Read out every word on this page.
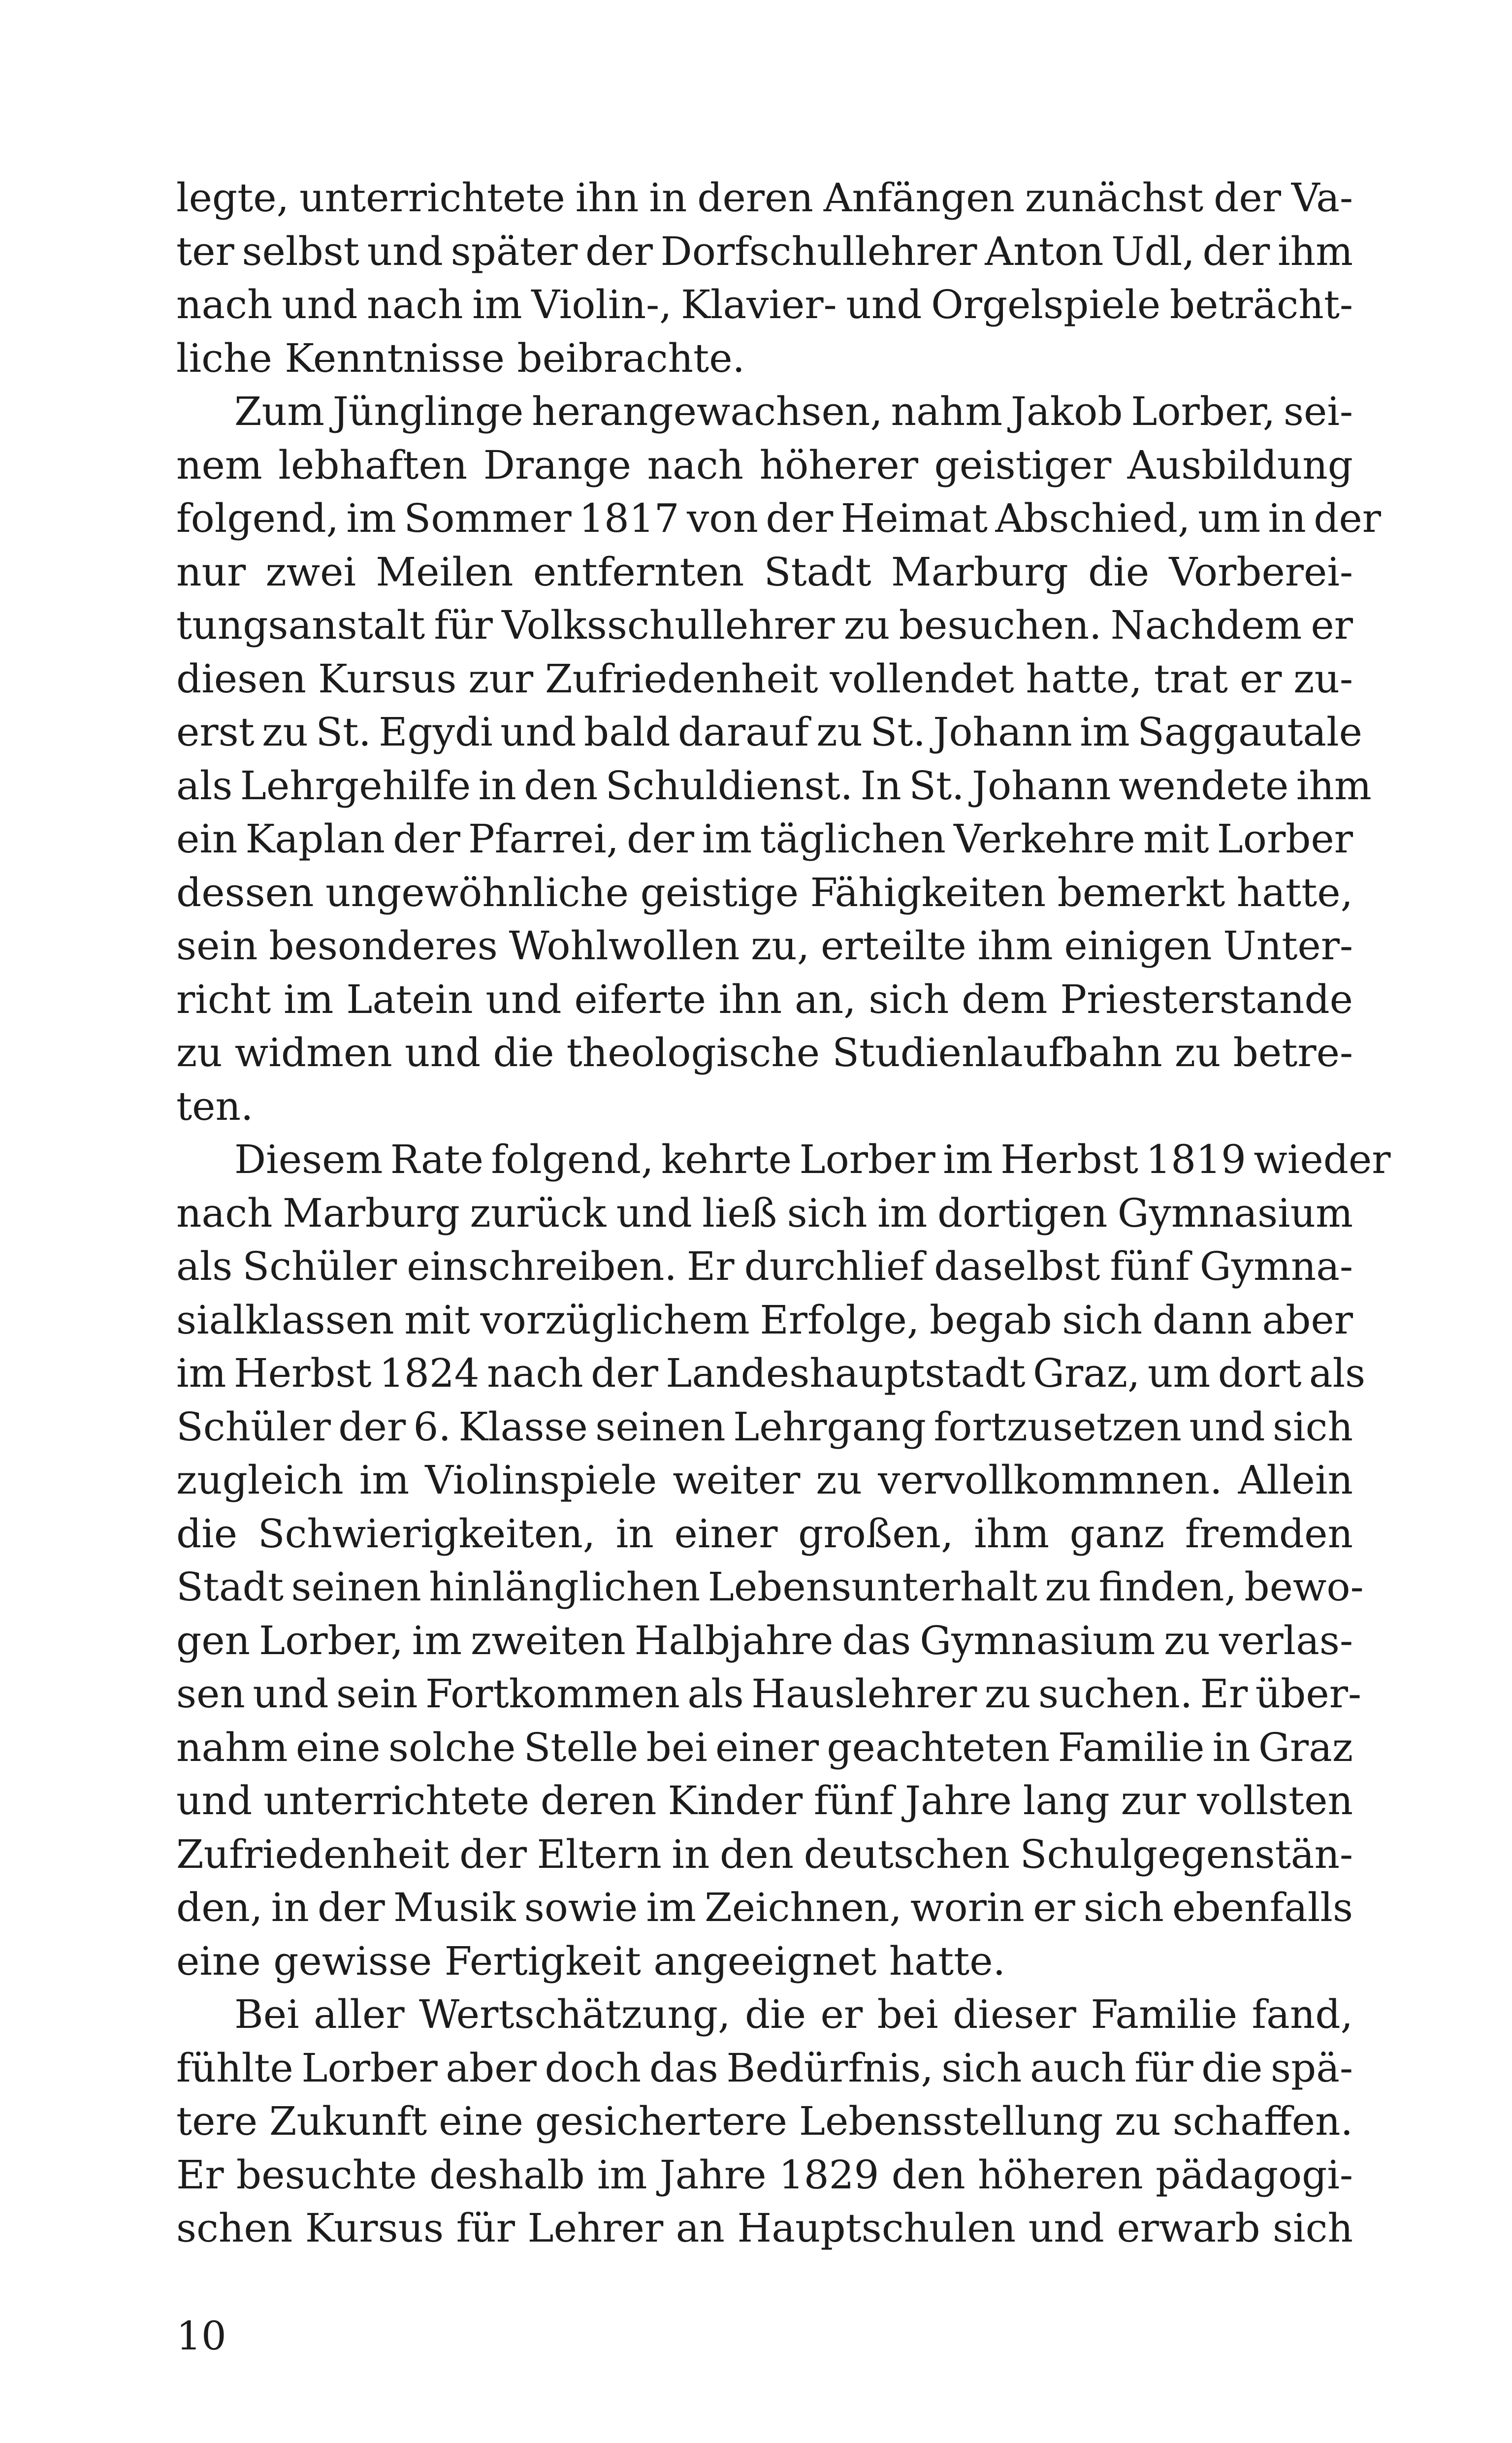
legte, unterrichtete ihn in deren Anfängen zunächst der Va-
ter selbst und später der Dorfschullehrer Anton Udl, der ihm
nach und nach im Violin-, Klavier- und Orgelspiele beträcht-
liche Kenntnisse beibrachte.
Zum Jünglinge herangewachsen, nahm Jakob Lorber, sei-
nem lebhaften Drange nach höherer geistiger Ausbildung
folgend, im Sommer 1817 von der Heimat Abschied, um in der
nur zwei Meilen entfernten Stadt Marburg die Vorberei-
tungsanstalt für Volksschullehrer zu besuchen. Nachdem er
diesen Kursus zur Zufriedenheit vollendet hatte, trat er zu-
erst zu St. Egydi und bald darauf zu St. Johann im Saggautale
als Lehrgehilfe in den Schuldienst. In St. Johann wendete ihm
ein Kaplan der Pfarrei, der im täglichen Verkehre mit Lorber
dessen ungewöhnliche geistige Fähigkeiten bemerkt hatte,
sein besonderes Wohlwollen zu, erteilte ihm einigen Unter-
richt im Latein und eiferte ihn an, sich dem Priesterstande
zu widmen und die theologische Studienlaufbahn zu betre-
ten.
Diesem Rate folgend, kehrte Lorber im Herbst 1819 wieder
nach Marburg zurück und ließ sich im dortigen Gymnasium
als Schüler einschreiben. Er durchlief daselbst fünf Gymna-
sialklassen mit vorzüglichem Erfolge, begab sich dann aber
im Herbst 1824 nach der Landeshauptstadt Graz, um dort als
Schüler der 6. Klasse seinen Lehrgang fortzusetzen und sich
zugleich im Violinspiele weiter zu vervollkommnen. Allein
die Schwierigkeiten, in einer großen, ihm ganz fremden
Stadt seinen hinlänglichen Lebensunterhalt zu finden, bewo-
gen Lorber, im zweiten Halbjahre das Gymnasium zu verlas-
sen und sein Fortkommen als Hauslehrer zu suchen. Er über-
nahm eine solche Stelle bei einer geachteten Familie in Graz
und unterrichtete deren Kinder fünf Jahre lang zur vollsten
Zufriedenheit der Eltern in den deutschen Schulgegenstän-
den, in der Musik sowie im Zeichnen, worin er sich ebenfalls
eine gewisse Fertigkeit angeeignet hatte.
Bei aller Wertschätzung, die er bei dieser Familie fand,
fühlte Lorber aber doch das Bedürfnis, sich auch für die spä-
tere Zukunft eine gesichertere Lebensstellung zu schaffen.
Er besuchte deshalb im Jahre 1829 den höheren pädagogi-
schen Kursus für Lehrer an Hauptschulen und erwarb sich
10
